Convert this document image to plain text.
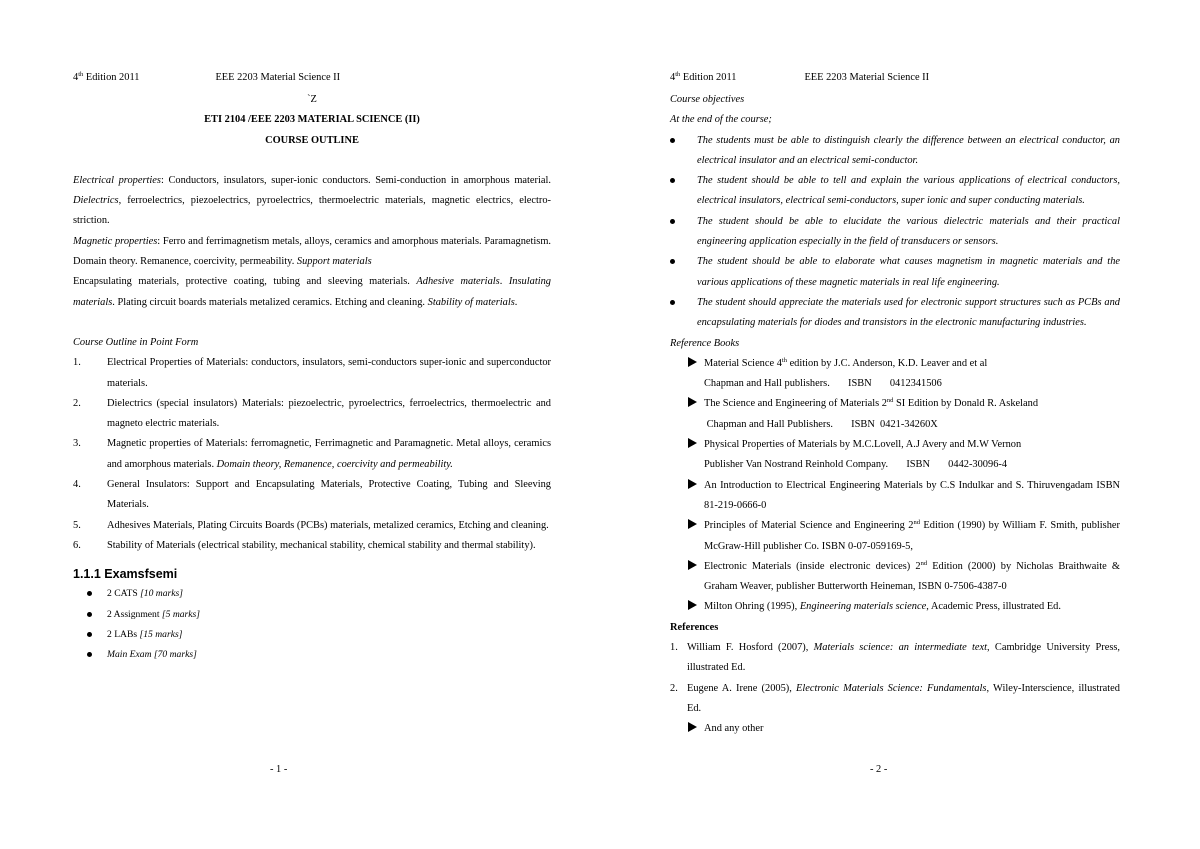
4th Edition 2011	EEE 2203 Material Science II
`Z
ETI 2104 /EEE 2203 MATERIAL SCIENCE (II)
COURSE OUTLINE

Electrical properties: Conductors, insulators, super-ionic conductors. Semi-conduction in amorphous material. Dielectrics, ferroelectrics, piezoelectrics, pyroelectrics, thermoelectric materials, magnetic electrics, electro-striction.

Magnetic properties: Ferro and ferrimagnetism metals, alloys, ceramics and amorphous materials. Paramagnetism. Domain theory. Remanence, coercivity, permeability. Support materials

Encapsulating materials, protective coating, tubing and sleeving materials. Adhesive materials. Insulating materials. Plating circuit boards materials metalized ceramics. Etching and cleaning. Stability of materials.

Course Outline in Point Form
1.	Electrical Properties of Materials: conductors, insulators, semi-conductors super-ionic and superconductor materials.
2.	Dielectrics (special insulators) Materials: piezoelectric, pyroelectrics, ferroelectrics, thermoelectric and magneto electric materials.
3.	Magnetic properties of Materials: ferromagnetic, Ferrimagnetic and Paramagnetic. Metal alloys, ceramics and amorphous materials. Domain theory, Remanence, coercivity and permeability.
4.	General Insulators: Support and Encapsulating Materials, Protective Coating, Tubing and Sleeving Materials.
5.	Adhesives Materials, Plating Circuits Boards (PCBs) materials, metalized ceramics, Etching and cleaning.
6.	Stability of Materials (electrical stability, mechanical stability, chemical stability and thermal stability).
1.1.1 Examsfsemi
2 CATS [10 marks]
2 Assignment [5 marks]
2 LABs [15 marks]
Main Exam [70 marks]
- 1 -
4th Edition 2011	EEE 2203 Material Science II
Course objectives
At the end of the course;
The students must be able to distinguish clearly the difference between an electrical conductor, an electrical insulator and an electrical semi-conductor.
The student should be able to tell and explain the various applications of electrical conductors, electrical insulators, electrical semi-conductors, super ionic and super conducting materials.
The student should be able to elucidate the various dielectric materials and their practical engineering application especially in the field of transducers or sensors.
The student should be able to elaborate what causes magnetism in magnetic materials and the various applications of these magnetic materials in real life engineering.
The student should appreciate the materials used for electronic support structures such as PCBs and encapsulating materials for diodes and transistors in the electronic manufacturing industries.
Reference Books
Material Science 4th edition by J.C. Anderson, K.D. Leaver and et al
Chapman and Hall publishers.       ISBN       0412341506
The Science and Engineering of Materials 2nd SI Edition by Donald R. Askeland
Chapman and Hall Publishers.       ISBN  0421-34260X
Physical Properties of Materials by M.C.Lovell, A.J Avery and M.W Vernon
Publisher Van Nostrand Reinhold Company.       ISBN       0442-30096-4
An Introduction to Electrical Engineering Materials by C.S Indulkar and S. Thiruvengadam ISBN 81-219-0666-0
Principles of Material Science and Engineering 2nd Edition (1990) by William F. Smith, publisher McGraw-Hill publisher Co. ISBN 0-07-059169-5,
Electronic Materials (inside electronic devices) 2nd Edition (2000) by Nicholas Braithwaite & Graham Weaver, publisher Butterworth Heineman, ISBN 0-7506-4387-0
Milton Ohring (1995), Engineering materials science, Academic Press, illustrated Ed.
References
1. William F. Hosford (2007), Materials science: an intermediate text, Cambridge University Press, illustrated Ed.
2. Eugene A. Irene (2005), Electronic Materials Science: Fundamentals, Wiley-Interscience, illustrated Ed.
And any other
- 2 -
